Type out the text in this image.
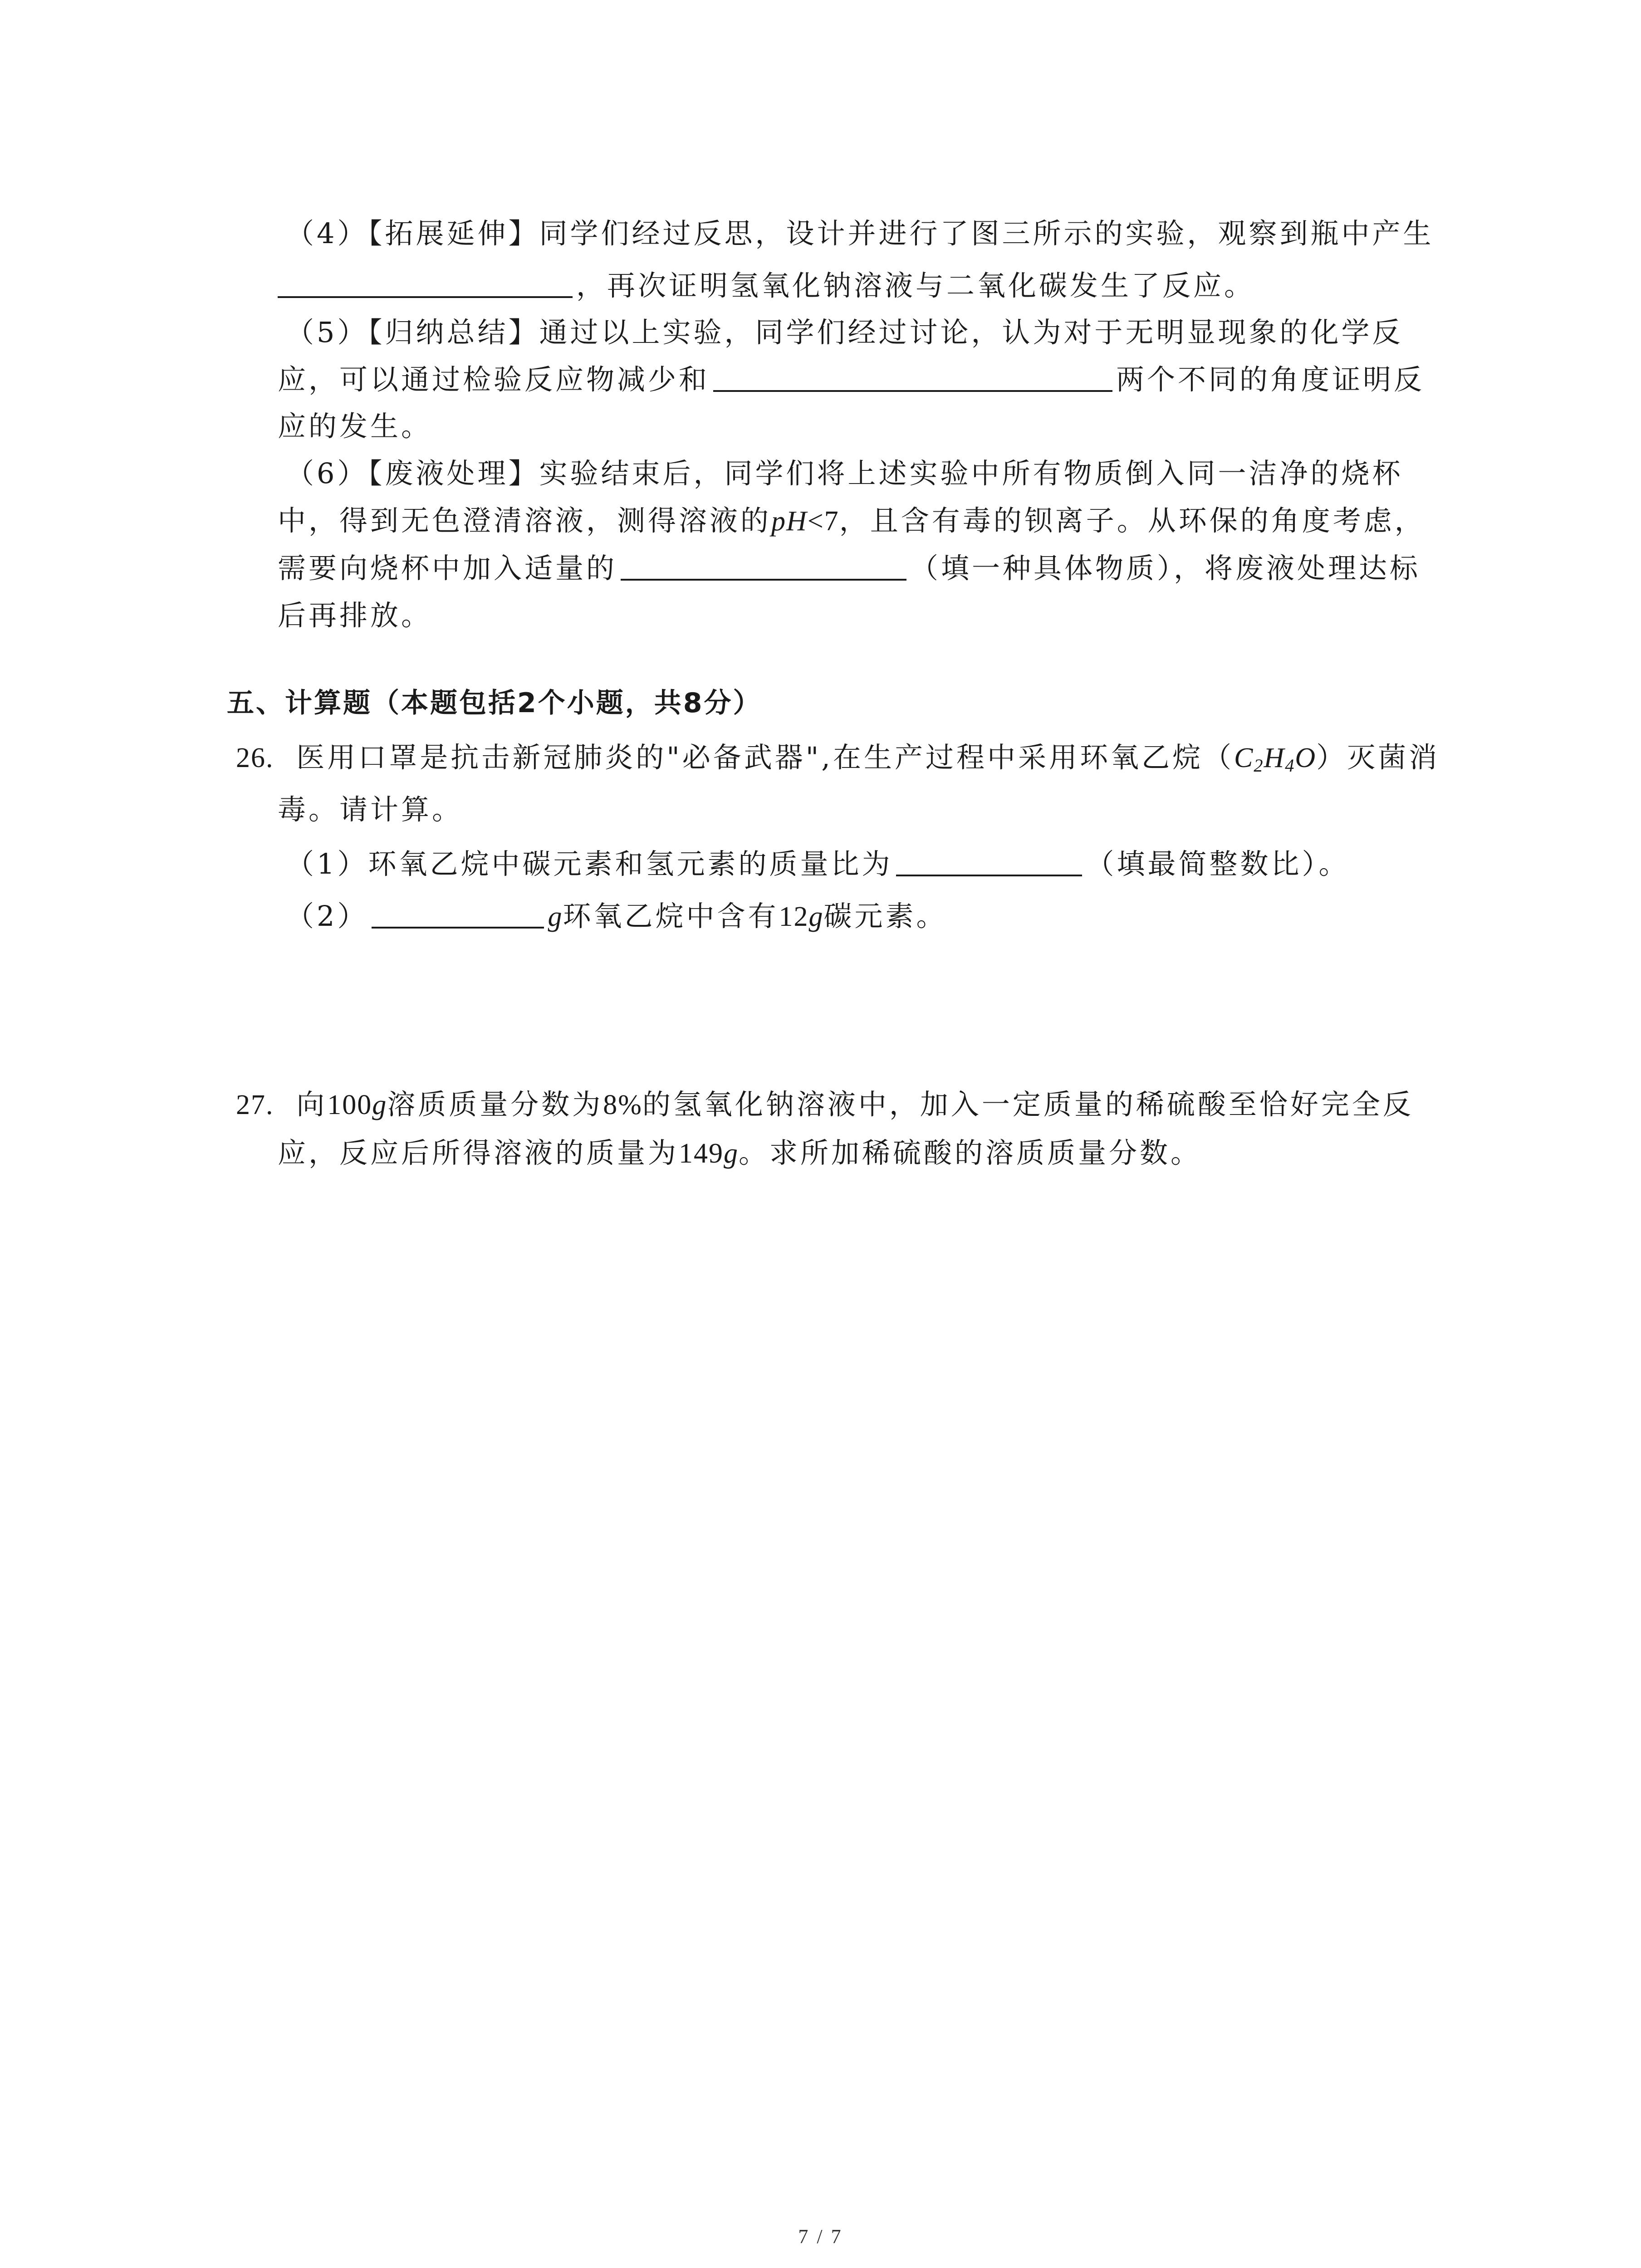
（4）【拓展延伸】同学们经过反思，设计并进行了图三所示的实验，观察到瓶中产生
，再次证明氢氧化钠溶液与二氧化碳发生了反应。
（5）【归纳总结】通过以上实验，同学们经过讨论，认为对于无明显现象的化学反
应，可以通过检验反应物减少和	两个不同的角度证明反
应的发生。
（6）【废液处理】实验结束后，同学们将上述实验中所有物质倒入同一洁净的烧杯
中，得到无色澄清溶液，测得溶液的pH<7，且含有毒的钡离子。从环保的角度考虑，
需要向烧杯中加入适量的	（填一种具体物质），将废液处理达标
后再排放。
五、计算题（本题包括2个小题，共8分）
26. 医用口罩是抗击新冠肺炎的"必备武器",在生产过程中采用环氧乙烷$(C_2H_4O)$灭菌消
毒。请计算。
（1）环氧乙烷中碳元素和氢元素的质量比为	（填最简整数比）。
（2）	g环氧乙烷中含有12g碳元素。
27. 向100g溶质质量分数为8%的氢氧化钠溶液中，加入一定质量的稀硫酸至恰好完全反
应，反应后所得溶液的质量为149g。求所加稀硫酸的溶质质量分数。
7 / 7
